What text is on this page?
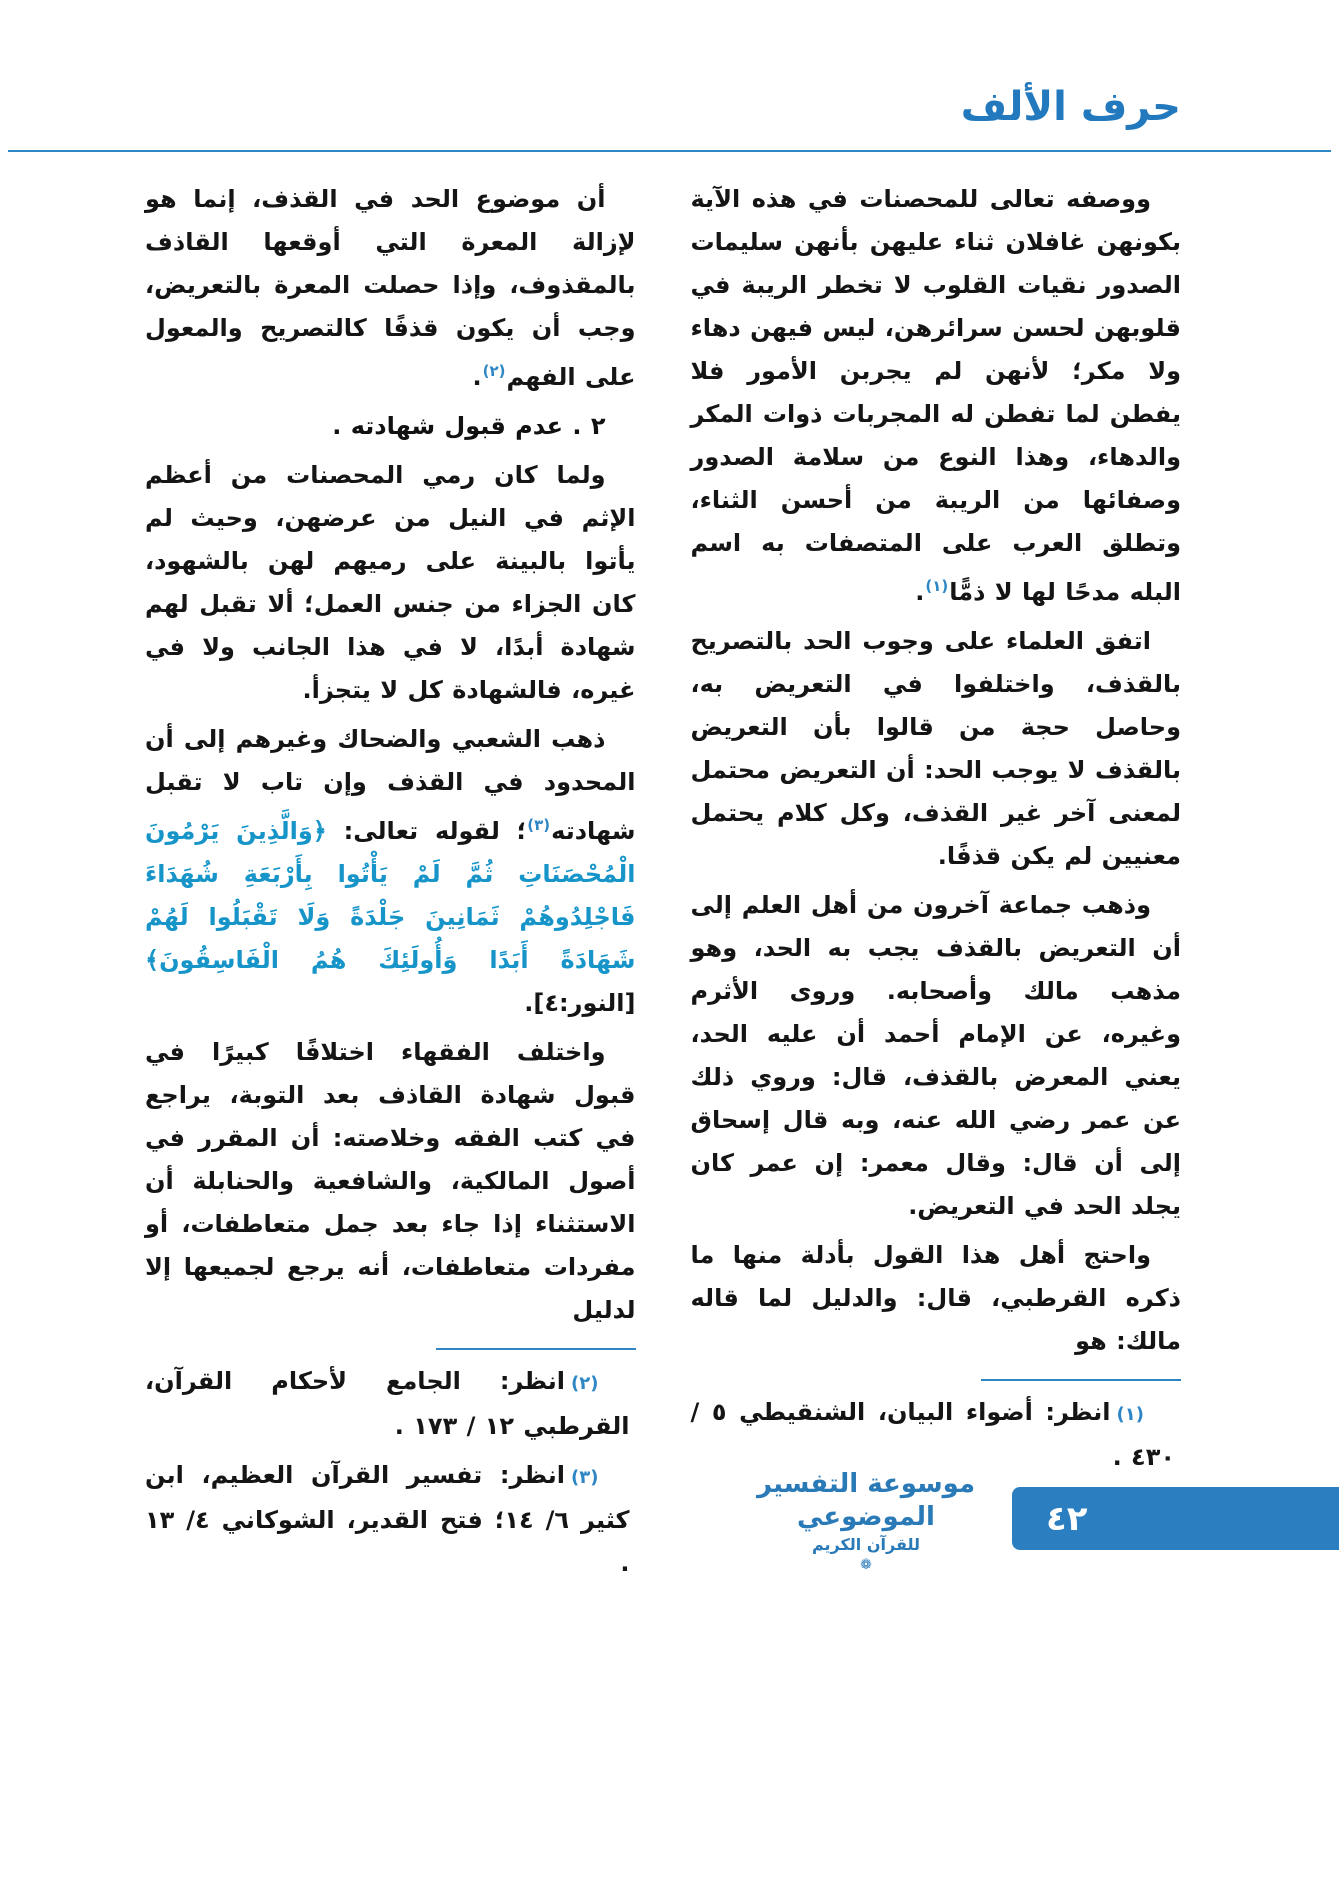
حرف الألف

ووصفه تعالى للمحصنات في هذه الآية بكونهن غافلان ثناء عليهن بأنهن سليمات الصدور نقيات القلوب لا تخطر الريبة في قلوبهن لحسن سرائرهن، ليس فيهن دهاء ولا مكر؛ لأنهن لم يجربن الأمور فلا يفطن لما تفطن له المجربات ذوات المكر والدهاء، وهذا النوع من سلامة الصدور وصفائها من الريبة من أحسن الثناء، وتطلق العرب على المتصفات به اسم البله مدحًا لها لا ذمًّا$^{(١)}$.

اتفق العلماء على وجوب الحد بالتصريح بالقذف، واختلفوا في التعريض به، وحاصل حجة من قالوا بأن التعريض بالقذف لا يوجب الحد: أن التعريض محتمل لمعنى آخر غير القذف، وكل كلام يحتمل معنيين لم يكن قذفًا.

وذهب جماعة آخرون من أهل العلم إلى أن التعريض بالقذف يجب به الحد، وهو مذهب مالك وأصحابه. وروى الأثرم وغيره، عن الإمام أحمد أن عليه الحد، يعني المعرض بالقذف، قال: وروي ذلك عن عمر رضي الله عنه، وبه قال إسحاق إلى أن قال: وقال معمر: إن عمر كان يجلد الحد في التعريض.

واحتج أهل هذا القول بأدلة منها ما ذكره القرطبي، قال: والدليل لما قاله مالك: هو

(١)انظر: أضواء البيان، الشنقيطي ٥ / ٤٣٠ .

أن موضوع الحد في القذف، إنما هو لإزالة المعرة التي أوقعها القاذف بالمقذوف، وإذا حصلت المعرة بالتعريض، وجب أن يكون قذفًا كالتصريح والمعول على الفهم$^{(٢)}$.

٢ . عدم قبول شهادته .

ولما كان رمي المحصنات من أعظم الإثم في النيل من عرضهن، وحيث لم يأتوا بالبينة على رميهم لهن بالشهود، كان الجزاء من جنس العمل؛ ألا تقبل لهم شهادة أبدًا، لا في هذا الجانب ولا في غيره، فالشهادة كل لا يتجزأ.

ذهب الشعبي والضحاك وغيرهم إلى أن المحدود في القذف وإن تاب لا تقبل شهادته$^{(٣)}$؛ لقوله تعالى: ﴿وَالَّذِينَ يَرْمُونَ الْمُحْصَنَاتِ ثُمَّ لَمْ يَأْتُوا بِأَرْبَعَةِ شُهَدَاءَ فَاجْلِدُوهُمْ ثَمَانِينَ جَلْدَةً وَلَا تَقْبَلُوا لَهُمْ شَهَادَةً أَبَدًا وَأُولَئِكَ هُمُ الْفَاسِقُونَ﴾ [النور:٤].

واختلف الفقهاء اختلافًا كبيرًا في قبول شهادة القاذف بعد التوبة، يراجع في كتب الفقه وخلاصته: أن المقرر في أصول المالكية، والشافعية والحنابلة أن الاستثناء إذا جاء بعد جمل متعاطفات، أو مفردات متعاطفات، أنه يرجع لجميعها إلا لدليل

(٢)انظر: الجامع لأحكام القرآن، القرطبي ١٢ / ١٧٣ .

(٣)انظر: تفسير القرآن العظيم، ابن كثير ٦/ ١٤؛ فتح القدير، الشوكاني ٤/ ١٣ .

موسوعة التفسير الموضوعي
للقرآن الكريم
❁
٤٢
